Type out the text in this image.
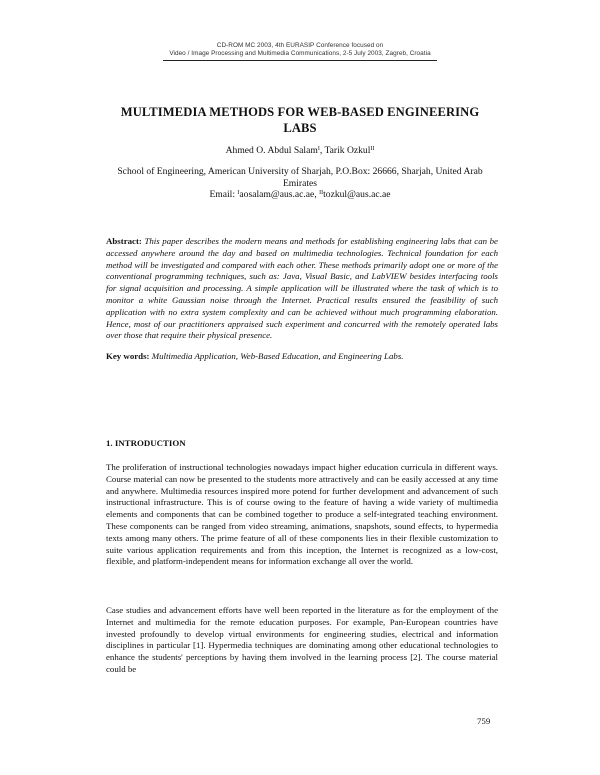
CD-ROM MC 2003, 4th EURASIP Conference focused on
Video / Image Processing and Multimedia Communications, 2-5 July 2003, Zagreb, Croatia
MULTIMEDIA METHODS FOR WEB-BASED ENGINEERING
LABS
Ahmed O. Abdul Salam$^I$, Tarik Ozkul$^{II}$
School of Engineering, American University of Sharjah, P.O.Box: 26666, Sharjah, United Arab Emirates
Email: $^I$aosalam@aus.ac.ae, $^{II}$tozkul@aus.ac.ae
Abstract: This paper describes the modern means and methods for establishing engineering labs that can be accessed anywhere around the day and based on multimedia technologies. Technical foundation for each method will be investigated and compared with each other. These methods primarily adopt one or more of the conventional programming techniques, such as: Java, Visual Basic, and LabVIEW besides interfacing tools for signal acquisition and processing. A simple application will be illustrated where the task of which is to monitor a white Gaussian noise through the Internet. Practical results ensured the feasibility of such application with no extra system complexity and can be achieved without much programming elaboration. Hence, most of our practitioners appraised such experiment and concurred with the remotely operated labs over those that require their physical presence.
Key words: Multimedia Application, Web-Based Education, and Engineering Labs.
1. INTRODUCTION
The proliferation of instructional technologies nowadays impact higher education curricula in different ways. Course material can now be presented to the students more attractively and can be easily accessed at any time and anywhere. Multimedia resources inspired more potend for further development and advancement of such instructional infrastructure. This is of course owing to the feature of having a wide variety of multimedia elements and components that can be combined together to produce a self-integrated teaching environment. These components can be ranged from video streaming, animations, snapshots, sound effects, to hypermedia texts among many others. The prime feature of all of these components lies in their flexible customization to suite various application requirements and from this inception, the Internet is recognized as a low-cost, flexible, and platform-independent means for information exchange all over the world.
Case studies and advancement efforts have well been reported in the literature as for the employment of the Internet and multimedia for the remote education purposes. For example, Pan-European countries have invested profoundly to develop virtual environments for engineering studies, electrical and information disciplines in particular [1]. Hypermedia techniques are dominating among other educational technologies to enhance the students' perceptions by having them involved in the learning process [2]. The course material could be
759
